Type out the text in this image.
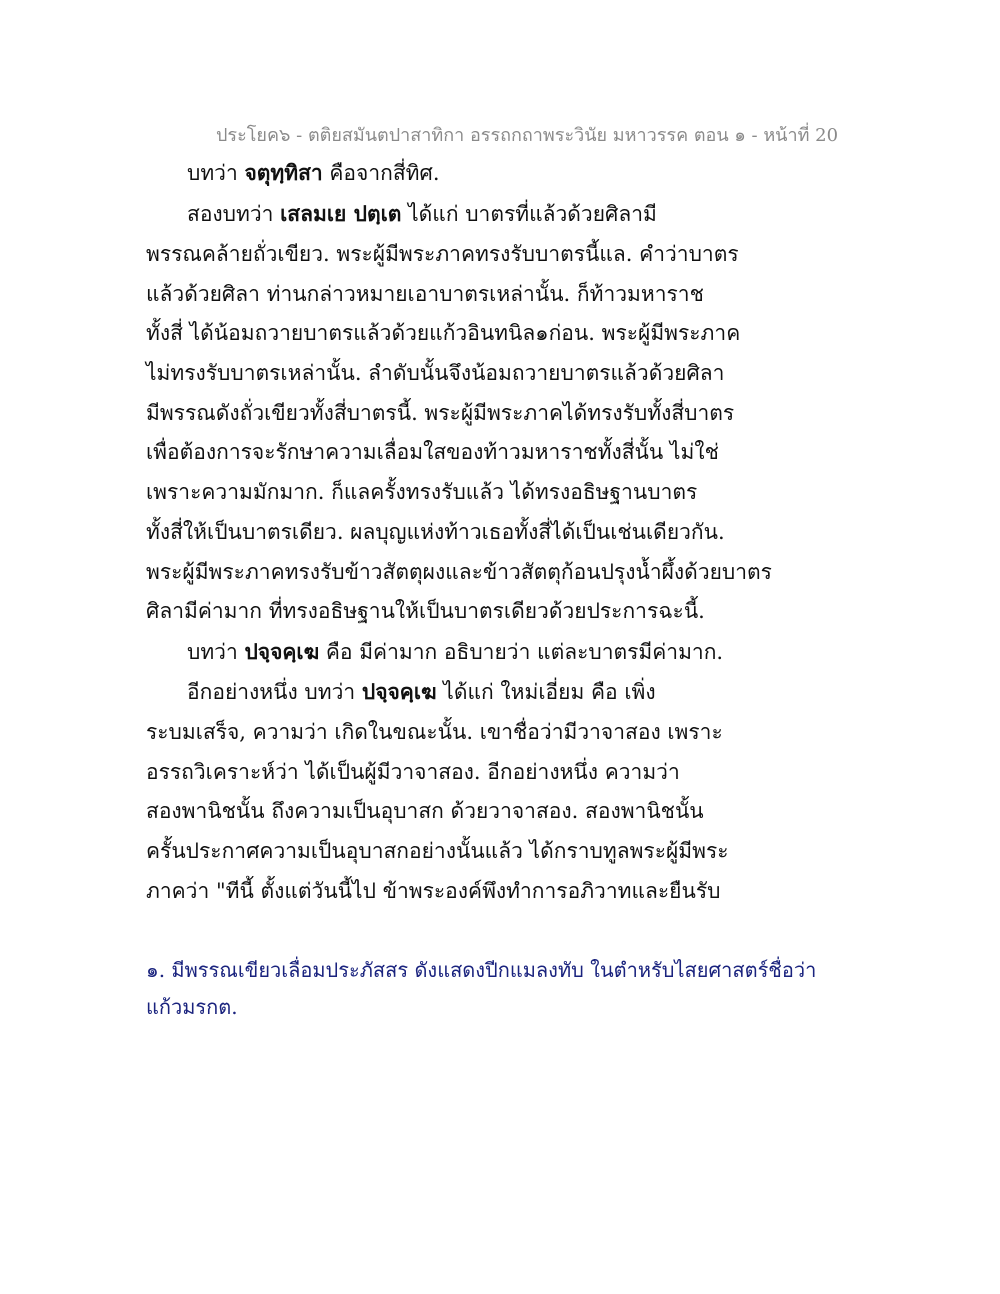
ประโยค๖ - ตติยสมันตปาสาทิกา อรรถกถาพระวินัย มหาวรรค ตอน ๑ - หน้าที่ 20
บทว่า จตุทฺทิสา คือจากสี่ทิศ.
สองบทว่า เสลมเย ปตฺเต ได้แก่ บาตรที่แล้วด้วยศิลามี
พรรณคล้ายถั่วเขียว. พระผู้มีพระภาคทรงรับบาตรนี้แล. คำว่าบาตร
แล้วด้วยศิลา ท่านกล่าวหมายเอาบาตรเหล่านั้น. ก็ท้าวมหาราช
ทั้งสี่ ได้น้อมถวายบาตรแล้วด้วยแก้วอินทนิล๑ก่อน. พระผู้มีพระภาค
ไม่ทรงรับบาตรเหล่านั้น. ลำดับนั้นจึงน้อมถวายบาตรแล้วด้วยศิลา
มีพรรณดังถั่วเขียวทั้งสี่บาตรนี้. พระผู้มีพระภาคได้ทรงรับทั้งสี่บาตร
เพื่อต้องการจะรักษาความเลื่อมใสของท้าวมหาราชทั้งสี่นั้น ไม่ใช่
เพราะความมักมาก. ก็แลครั้งทรงรับแล้ว ได้ทรงอธิษฐานบาตร
ทั้งสี่ให้เป็นบาตรเดียว. ผลบุญแห่งท้าวเธอทั้งสี่ได้เป็นเช่นเดียวกัน.
พระผู้มีพระภาคทรงรับข้าวสัตตุผงและข้าวสัตตุก้อนปรุงน้ำผึ้งด้วยบาตร
ศิลามีค่ามาก ที่ทรงอธิษฐานให้เป็นบาตรเดียวด้วยประการฉะนี้.
บทว่า ปจฺจคฺเฆ คือ มีค่ามาก อธิบายว่า แต่ละบาตรมีค่ามาก.
อีกอย่างหนึ่ง บทว่า ปจฺจคฺเฆ ได้แก่ ใหม่เอี่ยม คือ เพิ่ง
ระบมเสร็จ, ความว่า เกิดในขณะนั้น. เขาชื่อว่ามีวาจาสอง เพราะ
อรรถวิเคราะห์ว่า ได้เป็นผู้มีวาจาสอง. อีกอย่างหนึ่ง ความว่า
สองพานิชนั้น ถึงความเป็นอุบาสก ด้วยวาจาสอง. สองพานิชนั้น
ครั้นประกาศความเป็นอุบาสกอย่างนั้นแล้ว ได้กราบทูลพระผู้มีพระ
ภาคว่า "ทีนี้ ตั้งแต่วันนี้ไป ข้าพระองค์พึงทำการอภิวาทและยืนรับ
๑. มีพรรณเขียวเลื่อมประภัสสร ดังแสดงปีกแมลงทับ ในตำหรับไสยศาสตร์ชื่อว่า
แก้วมรกต.
